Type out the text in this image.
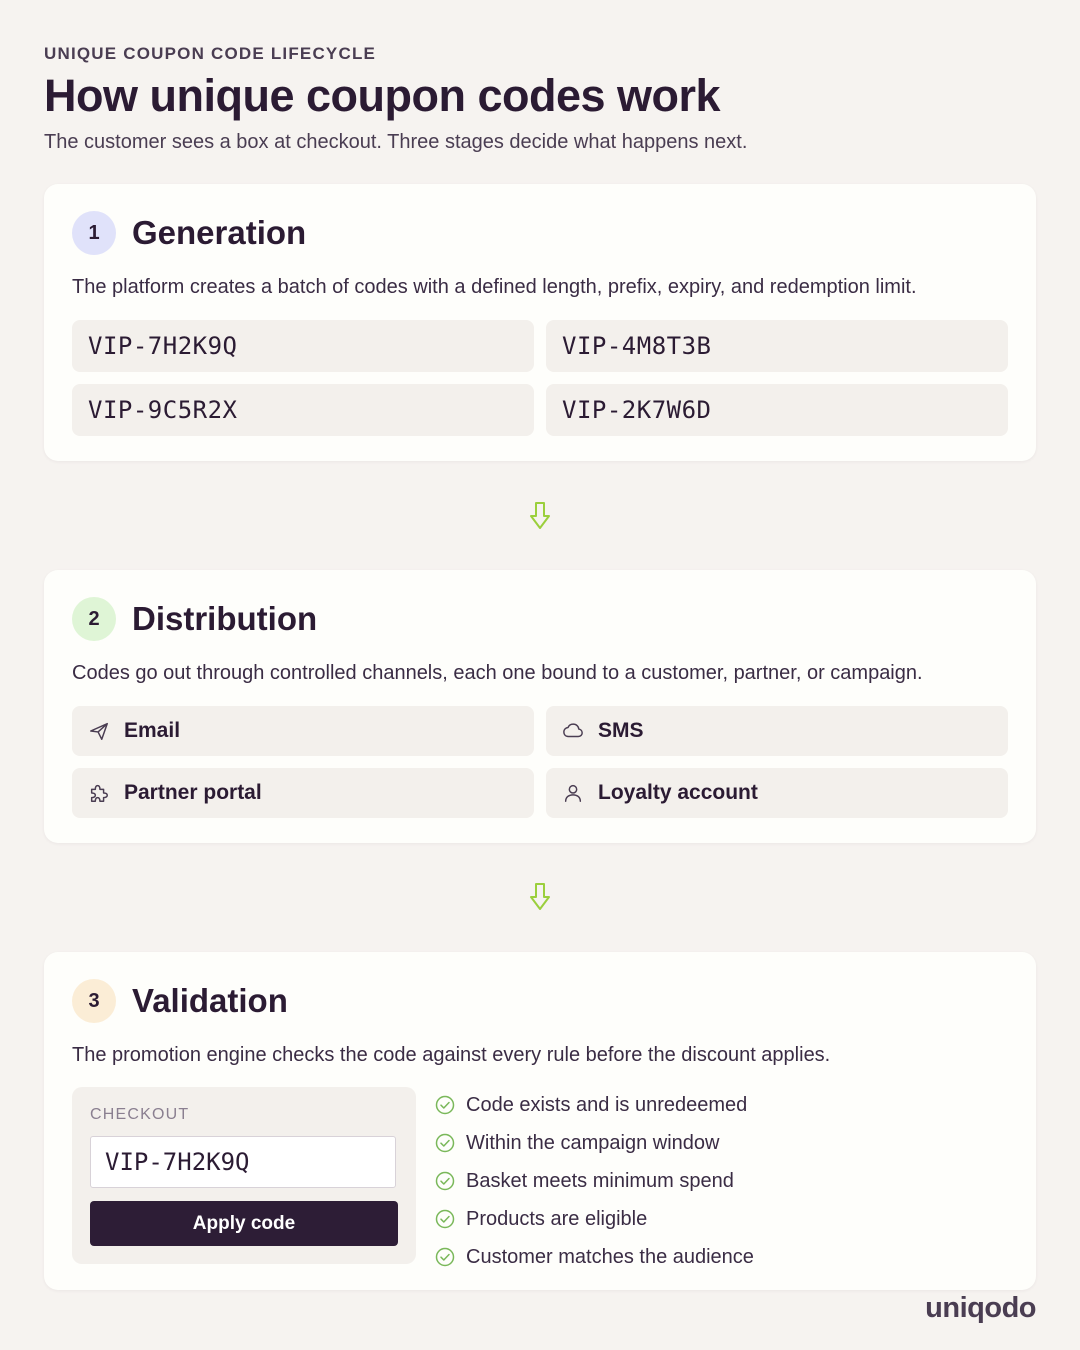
UNIQUE COUPON CODE LIFECYCLE
How unique coupon codes work
The customer sees a box at checkout. Three stages decide what happens next.
1 Generation
The platform creates a batch of codes with a defined length, prefix, expiry, and redemption limit.
VIP-7H2K9Q	VIP-4M8T3B
VIP-9C5R2X	VIP-2K7W6D
2 Distribution
Codes go out through controlled channels, each one bound to a customer, partner, or campaign.
Email	SMS
Partner portal	Loyalty account
3 Validation
The promotion engine checks the code against every rule before the discount applies.
CHECKOUT
VIP-7H2K9Q
Apply code
Code exists and is unredeemed
Within the campaign window
Basket meets minimum spend
Products are eligible
Customer matches the audience
uniqodo
